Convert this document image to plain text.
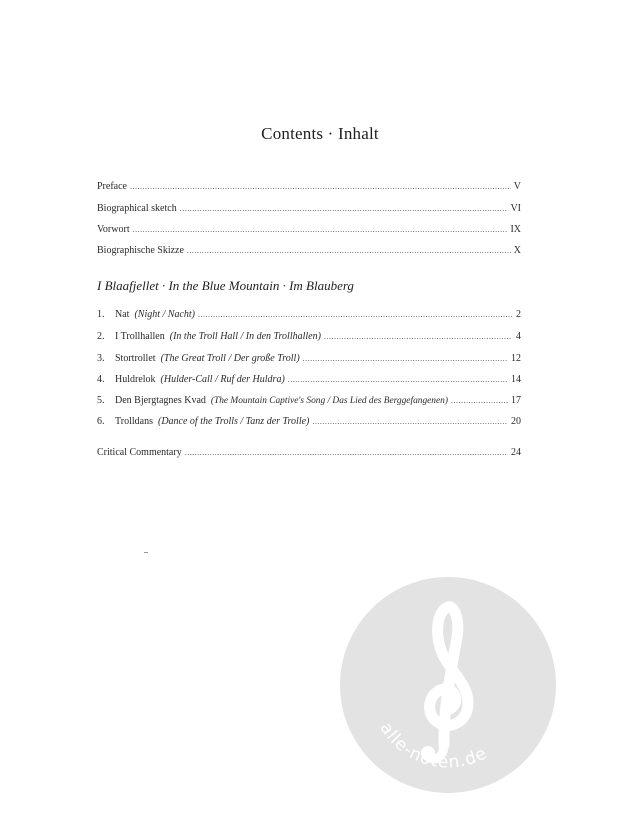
Contents · Inhalt
Preface .....	V
Biographical sketch .....	VI
Vorwort .....	IX
Biographische Skizze .....	X
I Blaafjellet · In the Blue Mountain · Im Blauberg
1.	Nat (Night / Nacht) .....	2
2.	I Trollhallen (In the Troll Hall / In den Trollhallen) .....	4
3.	Stortrollet (The Great Troll / Der große Troll) .....	12
4.	Huldrelok (Hulder-Call / Ruf der Huldra) .....	14
5.	Den Bjergtagnes Kvad (The Mountain Captive's Song / Das Lied des Berggefangenen) .....	17
6.	Trolldans (Dance of the Trolls / Tanz der Trolle) .....	20
Critical Commentary .....	24
alle-noten.de
